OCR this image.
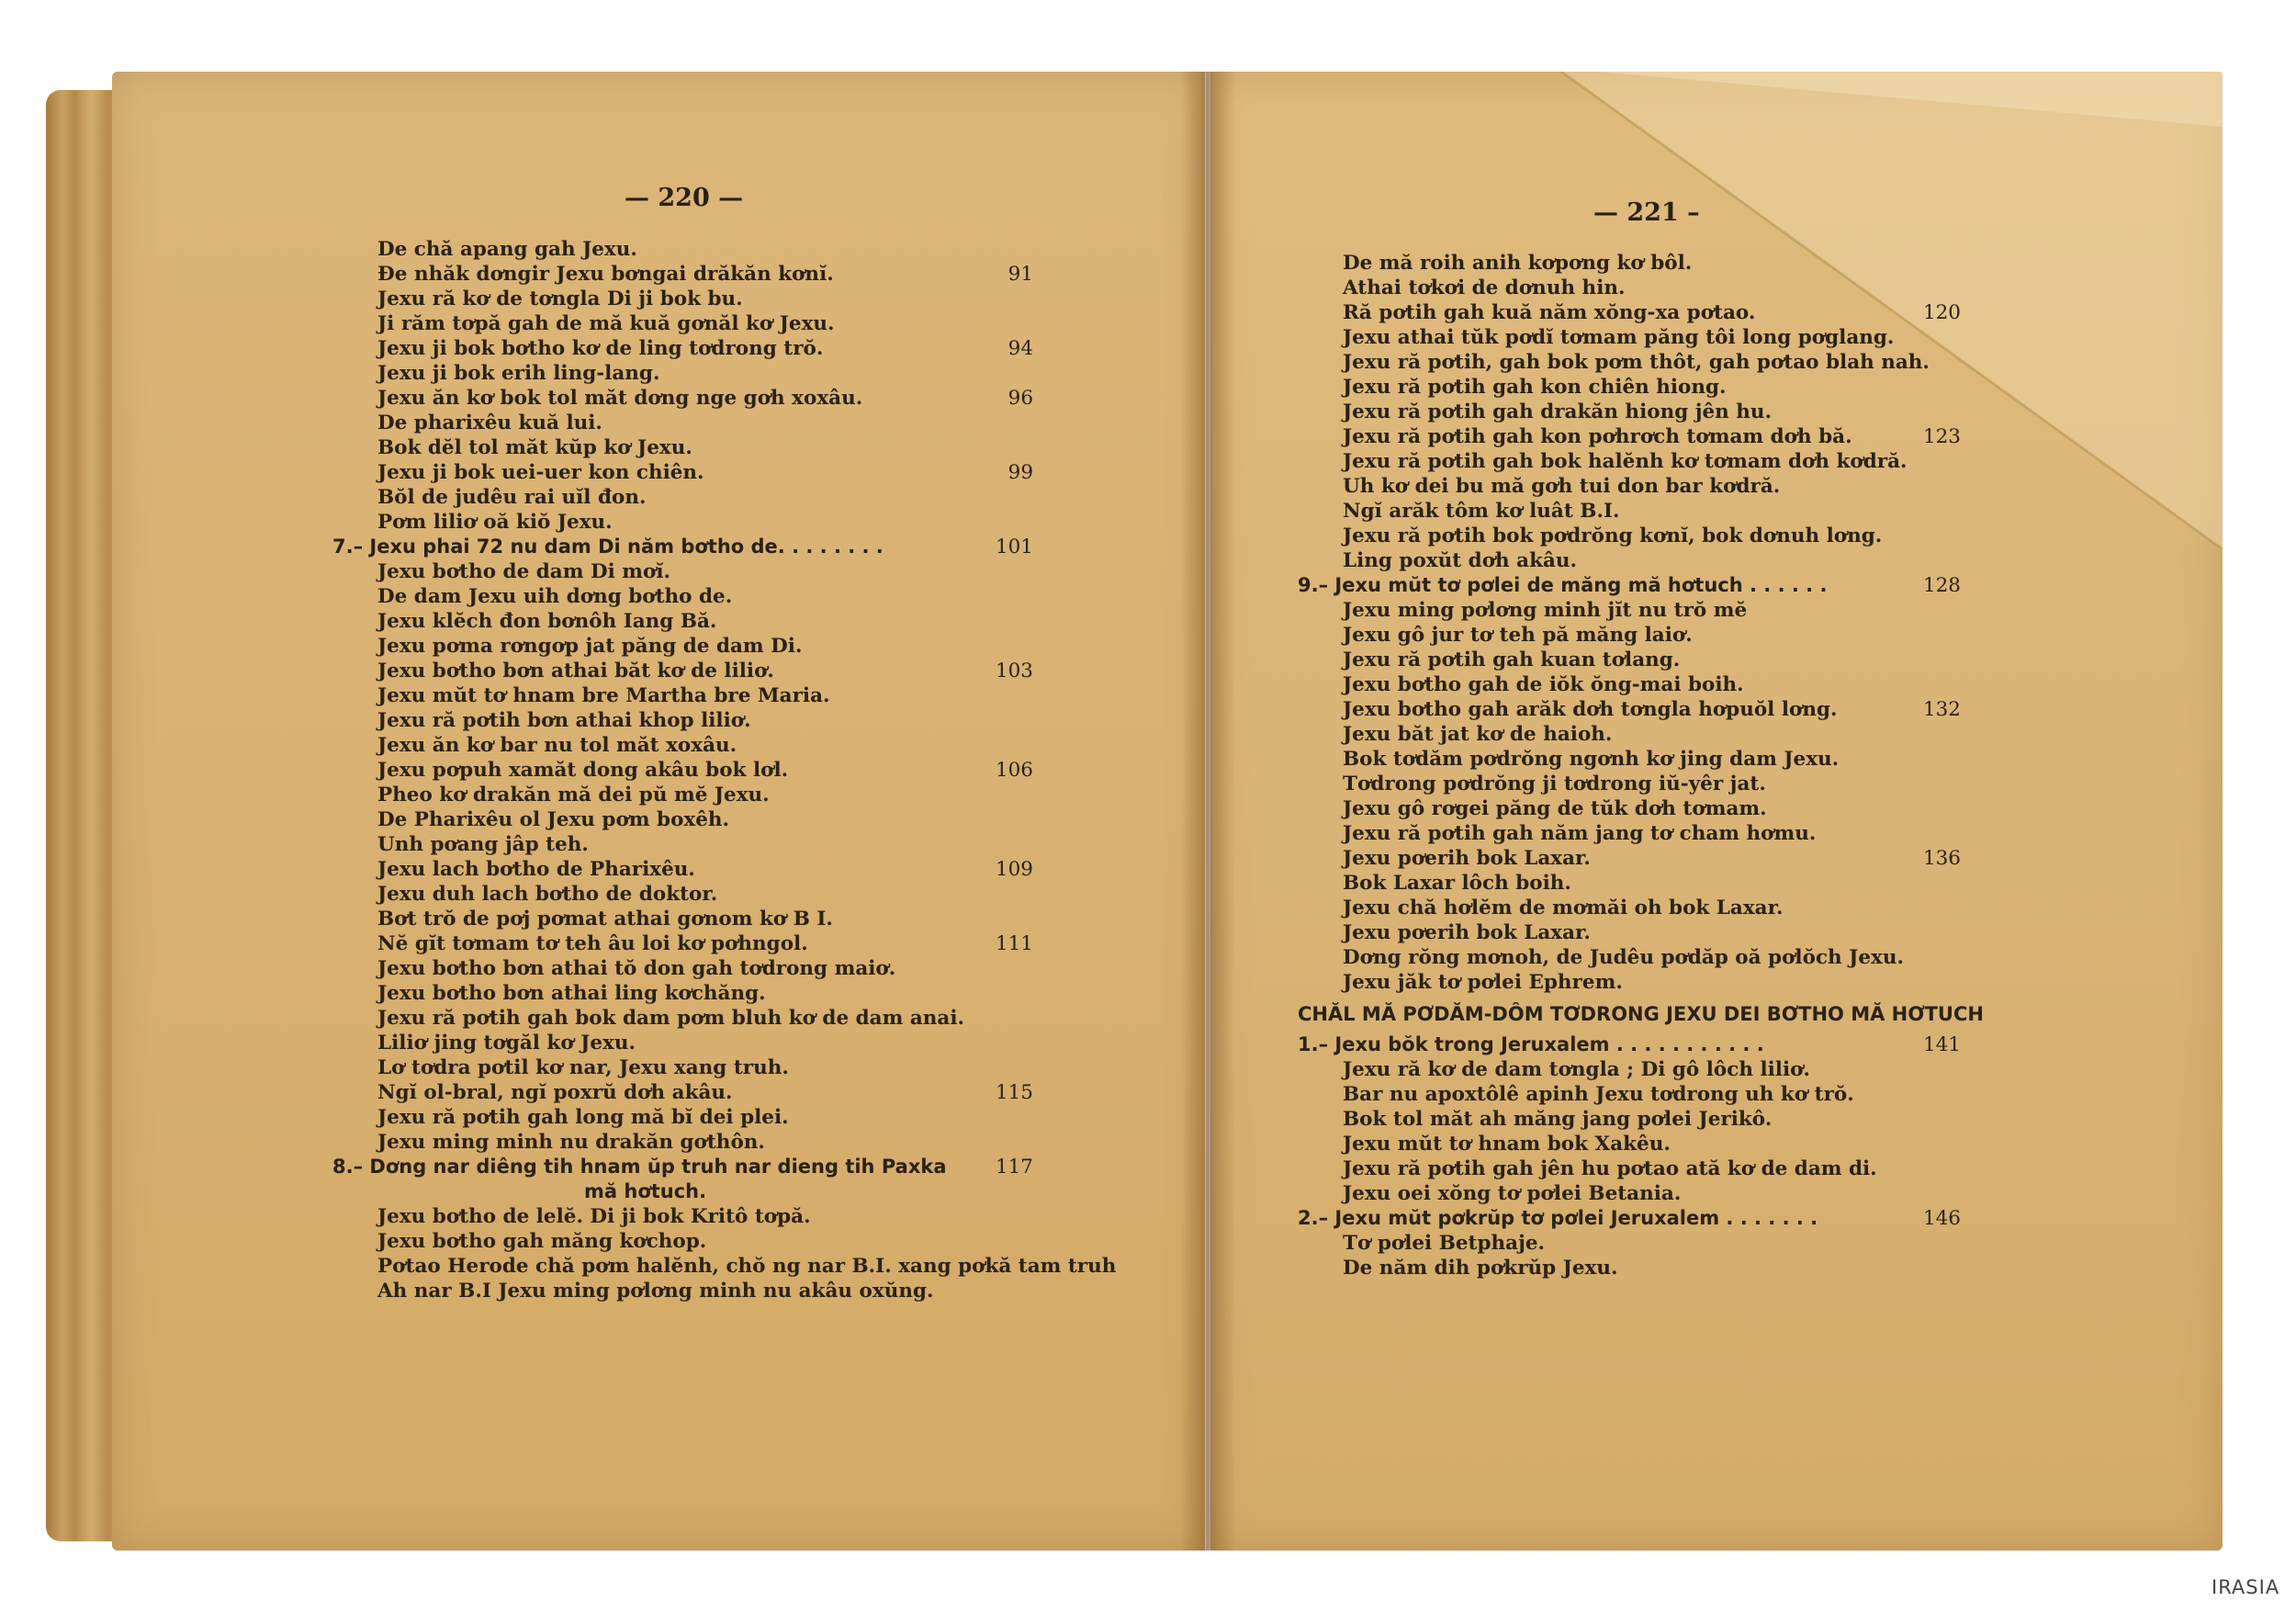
De chă apang gah Jexu.
Đe nhăk dơngir Jexu bơngai drăkăn kơnĭ.	91
Jexu ră kơ de tơngla Di ji bok bu.
Ji răm tơpă gah de mă kuă gơnăl kơ Jexu.
Jexu ji bok bơtho kơ de ling tơdrong trŏ.	94
Jexu ji bok erih ling-lang.
Jexu ăn kơ bok tol măt dơng nge gơh xoxâu.	96
De pharixêu kuă lui.
Bok dĕl tol măt kŭp kơ Jexu.
Jexu ji bok uei-uer kon chiên.	99
Bŏl de judêu rai uĭl đon.
Pơm liliơ oă kiŏ Jexu.
7.– Jexu phai 72 nu dam Di năm bơtho de. . . . . . . .	101
Jexu bơtho de dam Di mơĭ.
De dam Jexu uih dơng bơtho de.
Jexu klĕch đon bơnôh Iang Bă.
Jexu pơma rơngơp jat păng de dam Di.
Jexu bơtho bơn athai băt kơ de liliơ.	103
Jexu mŭt tơ hnam bre Martha bre Maria.
Jexu ră pơtih bơn athai khop liliơ.
Jexu ăn kơ bar nu tol măt xoxâu.
Jexu pơpuh xamăt dong akâu bok lơl.	106
Pheo kơ drakăn mă dei pŭ mĕ Jexu.
De Pharixêu ol Jexu pơm boxêh.
Unh pơang jâp teh.
Jexu lach bơtho de Pharixêu.	109
Jexu duh lach bơtho de doktor.
Bơt trŏ de pơj pơmat athai gơnom kơ B I.
Nĕ gĭt tơmam tơ teh âu loi kơ pơhngol.	111
Jexu bơtho bơn athai tŏ don gah tơdrong maiơ.
Jexu bơtho bơn athai ling kơchăng.
Jexu ră pơtih gah bok dam pơm bluh kơ de dam anai.
Liliơ jing tơgăl kơ Jexu.
Lơ tơdra pơtil kơ nar, Jexu xang truh.
Ngĭ ol-bral, ngĭ poxrŭ dơh akâu.	115
Jexu ră pơtih gah long mă bĭ dei plei.
Jexu ming minh nu drakăn gơthôn.
8.– Dơng nar diêng tih hnam ŭp truh nar dieng tih Paxka	117
mă hơtuch.
Jexu bơtho de lelĕ. Di ji bok Kritô tơpă.
Jexu bơtho gah măng kơchop.
Pơtao Herode chă pơm halĕnh, chŏ ng nar B.I. xang pơkă tam truh
Ah nar B.I Jexu ming pơlơng minh nu akâu oxŭng.
De mă roih anih kơpơng kơ bôl.
Athai tơkơi de dơnuh hin.
Ră pơtih gah kuă năm xŏng-xa pơtao.	120
Jexu athai tŭk pơdĭ tơmam păng tôi long pơglang.
Jexu ră pơtih, gah bok pơm thôt, gah pơtao blah nah.
Jexu ră pơtih gah kon chiên hiong.
Jexu ră pơtih gah drakăn hiong jên hu.
Jexu ră pơtih gah kon pơhrơch tơmam dơh bă.	123
Jexu ră pơtih gah bok halĕnh kơ tơmam dơh kơdră.
Uh kơ dei bu mă gơh tui don bar kơdră.
Ngĭ arăk tôm kơ luât B.I.
Jexu ră pơtih bok pơdrŏng kơnĭ, bok dơnuh lơng.
Ling poxŭt dơh akâu.
9.– Jexu mŭt tơ pơlei de măng mă hơtuch . . . . . .	128
Jexu ming pơlơng minh jĭt nu trŏ mĕ
Jexu gô jur tơ teh pă măng laiơ.
Jexu ră pơtih gah kuan tơlang.
Jexu bơtho gah de iŏk ŏng-mai boih.
Jexu bơtho gah arăk dơh tơngla hơpuŏl lơng.	132
Jexu băt jat kơ de haioh.
Bok tơdăm pơdrŏng ngơnh kơ jing dam Jexu.
Tơdrong pơdrŏng ji tơdrong iŭ-yêr jat.
Jexu gô rơgei păng de tŭk dơh tơmam.
Jexu ră pơtih gah năm jang tơ cham hơmu.
Jexu pơerih bok Laxar.	136
Bok Laxar lôch boih.
Jexu chă hơlĕm de mơmăi oh bok Laxar.
Jexu pơerih bok Laxar.
Dơng rŏng mơnoh, de Judêu pơdăp oă pơlŏch Jexu.
Jexu jăk tơ pơlei Ephrem.
CHĂL MĂ PƠDĂM-DÔM TƠDRONG JEXU DEI BƠTHO MĂ HƠTUCH
1.– Jexu bŏk trong Jeruxalem . . . . . . . . . . .	141
Jexu ră kơ de dam tơngla ; Di gô lôch liliơ.
Bar nu apoxtôlê apinh Jexu tơdrong uh kơ trŏ.
Bok tol măt ah măng jang pơlei Jerikô.
Jexu mŭt tơ hnam bok Xakêu.
Jexu ră pơtih gah jên hu pơtao ată kơ de dam di.
Jexu oei xŏng tơ pơlei Betania.
2.– Jexu mŭt pơkrŭp tơ pơlei Jeruxalem . . . . . . .	146
Tơ pơlei Betphaje.
De năm dih pơkrŭp Jexu.
— 220 —
— 221 –
IRASIA
